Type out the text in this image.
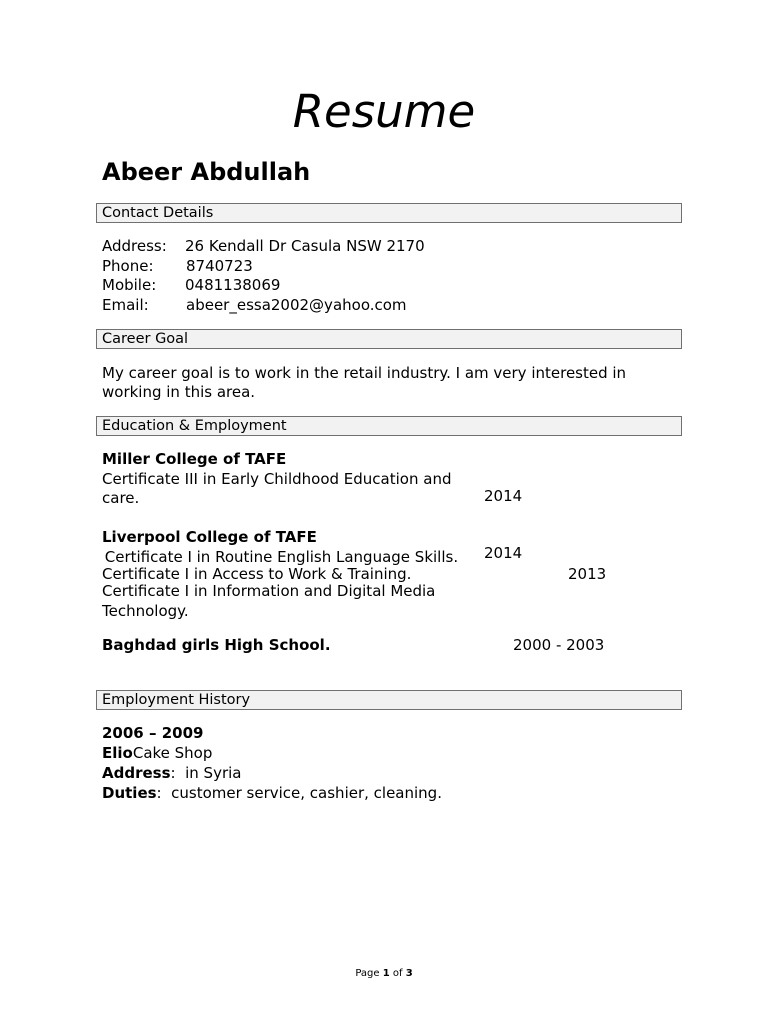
Resume
Abeer Abdullah
Contact Details
Address: 26 Kendall Dr Casula NSW 2170
Phone: 8740723
Mobile: 0481138069
Email: abeer_essa2002@yahoo.com
Career Goal
My career goal is to work in the retail industry. I am very interested in
working in this area.
Education & Employment
Miller College of TAFE
Certificate III in Early Childhood Education and
care.	2014
Liverpool College of TAFE
Certificate I in Routine English Language Skills. 2014
Certificate I in Access to Work & Training.	2013
Certificate I in Information and Digital Media
Technology.
Baghdad girls High School.	2000 - 2003
Employment History
2006 – 2009
ElioCake Shop
Address:  in Syria
Duties:  customer service, cashier, cleaning.
Page 1 of 3
